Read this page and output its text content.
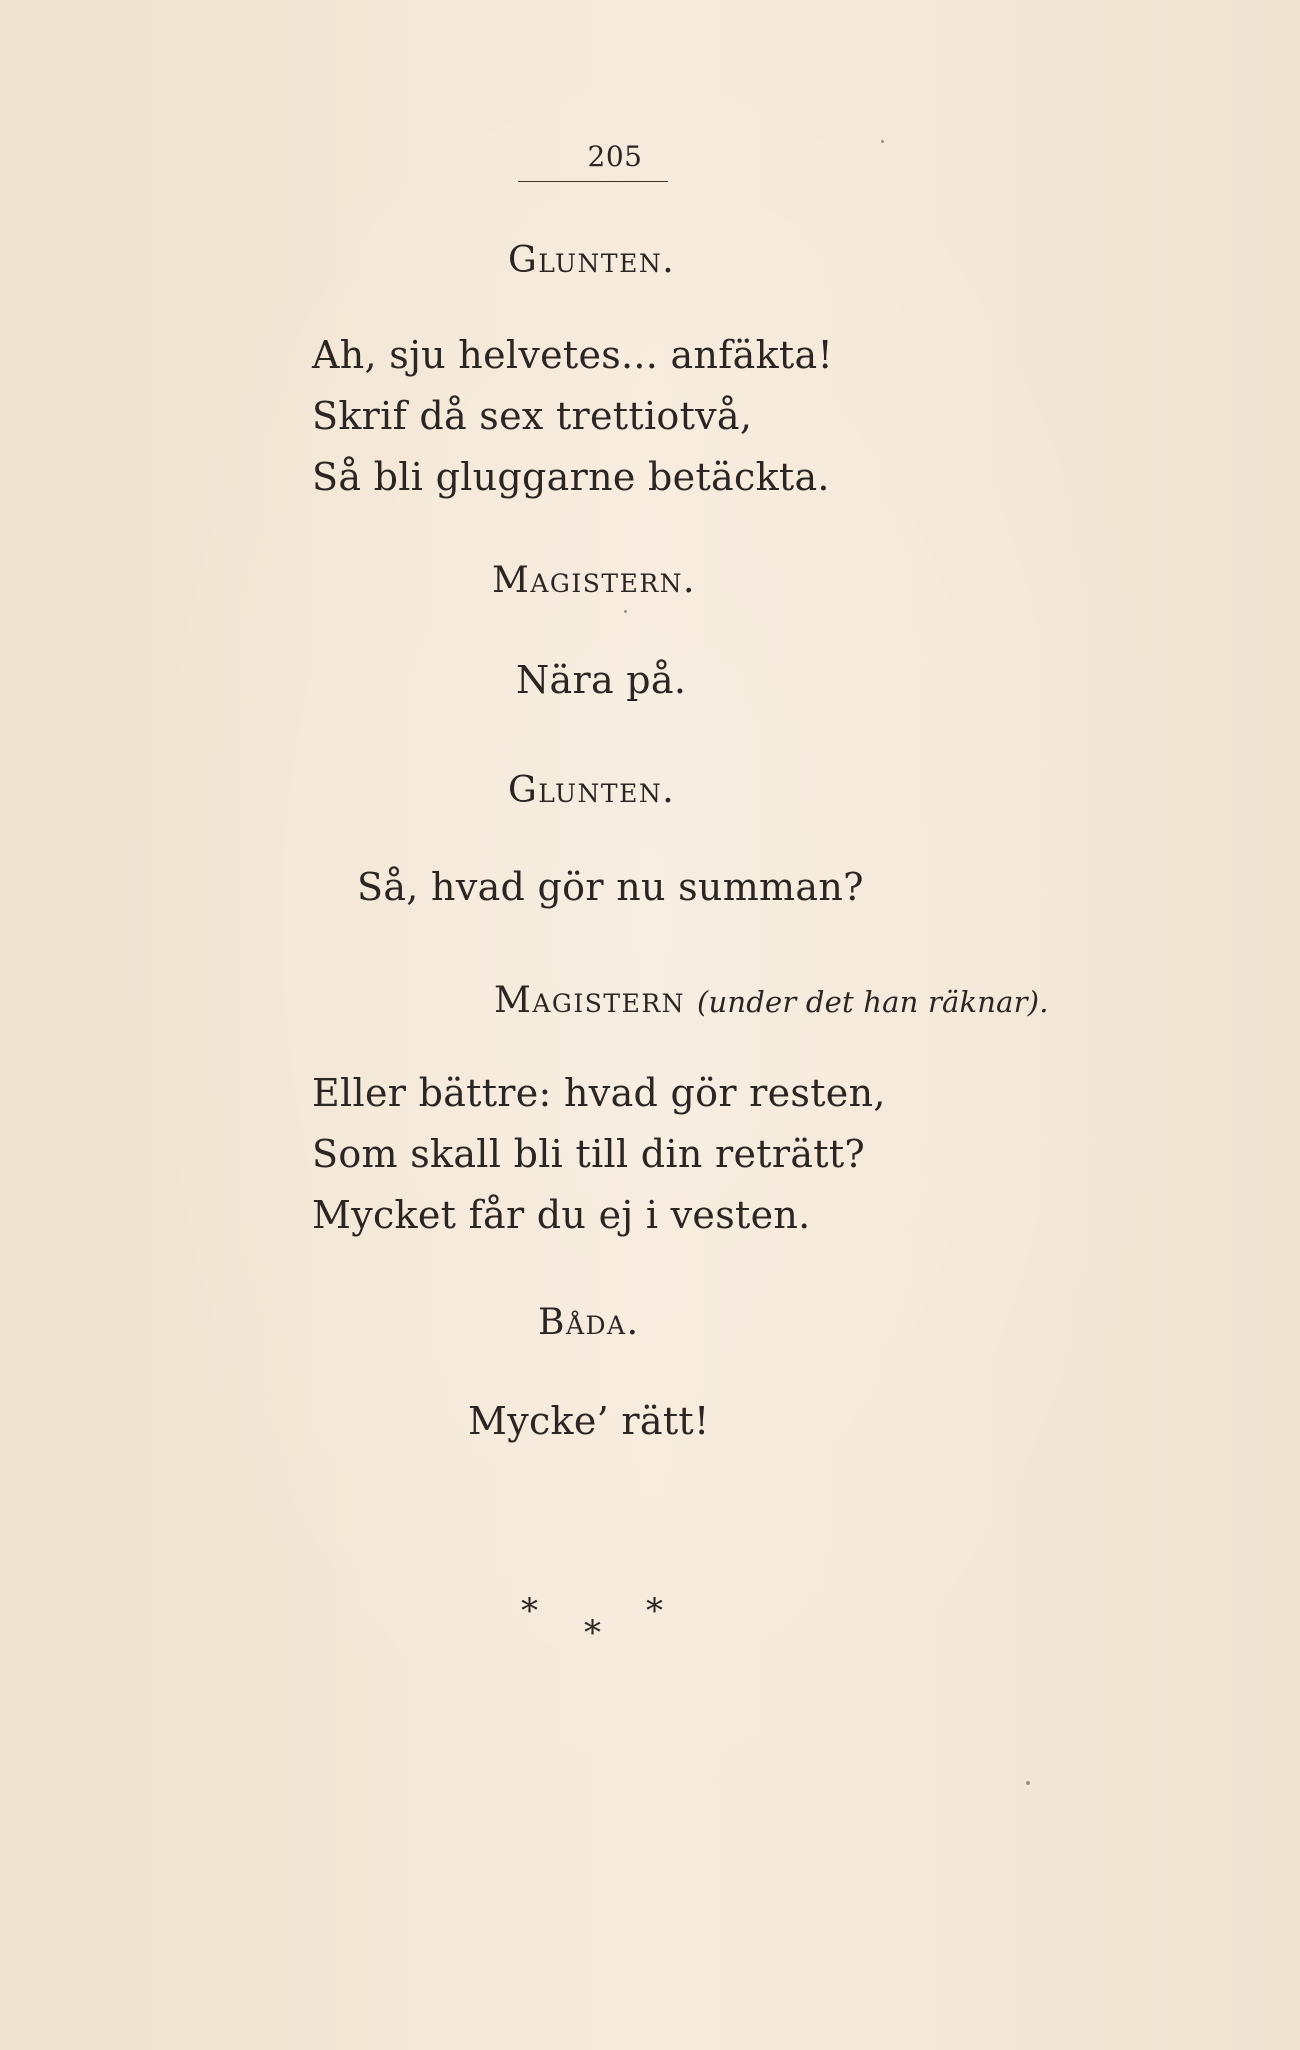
205
Glunten.
Ah, sju helvetes... anfäkta!
Skrif då sex trettiotvå,
Så bli gluggarne betäckta.
Magistern.
Nära på.
Glunten.
Så, hvad gör nu summan?
Magistern (under det han räknar).
Eller bättre: hvad gör resten,
Som skall bli till din reträtt?
Mycket får du ej i vesten.
Båda.
Mycke’ rätt!
*	*
*
